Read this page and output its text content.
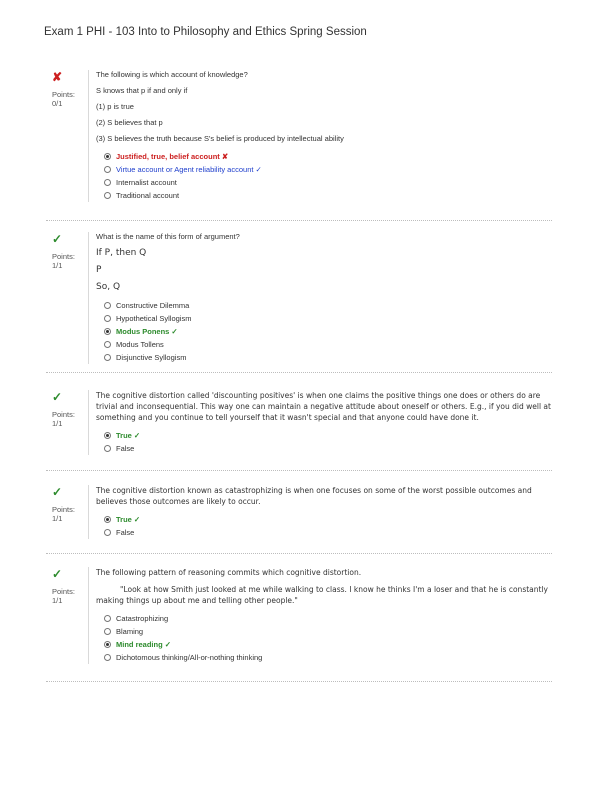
Exam 1 PHI - 103 Into to Philosophy and Ethics Spring Session
✘
Points:
0/1
The following is which account of knowledge?
S knows that p if and only if
(1) p is true
(2) S believes that p
(3) S believes the truth because S's belief is produced by intellectual ability
Justified, true, belief account ✘
Virtue account or Agent reliability account ✓
Internalist account
Traditional account
✓
Points:
1/1
What is the name of this form of argument?
If P, then Q
P
So, Q
Constructive Dilemma
Hypothetical Syllogism
Modus Ponens ✓
Modus Tollens
Disjunctive Syllogism
✓
Points:
1/1
The cognitive distortion called 'discounting positives' is when one claims the positive things one does or others do are trivial and inconsequential. This way one can maintain a negative attitude about oneself or others. E.g., if you did well at something and you continue to tell yourself that it wasn't special and that anyone could have done it.
True ✓
False
✓
Points:
1/1
The cognitive distortion known as catastrophizing is when one focuses on some of the worst possible outcomes and believes those outcomes are likely to occur.
True ✓
False
✓
Points:
1/1
The following pattern of reasoning commits which cognitive distortion.
"Look at how Smith just looked at me while walking to class. I know he thinks I'm a loser and that he is constantly making things up about me and telling other people."
Catastrophizing
Blaming
Mind reading ✓
Dichotomous thinking/All-or-nothing thinking
